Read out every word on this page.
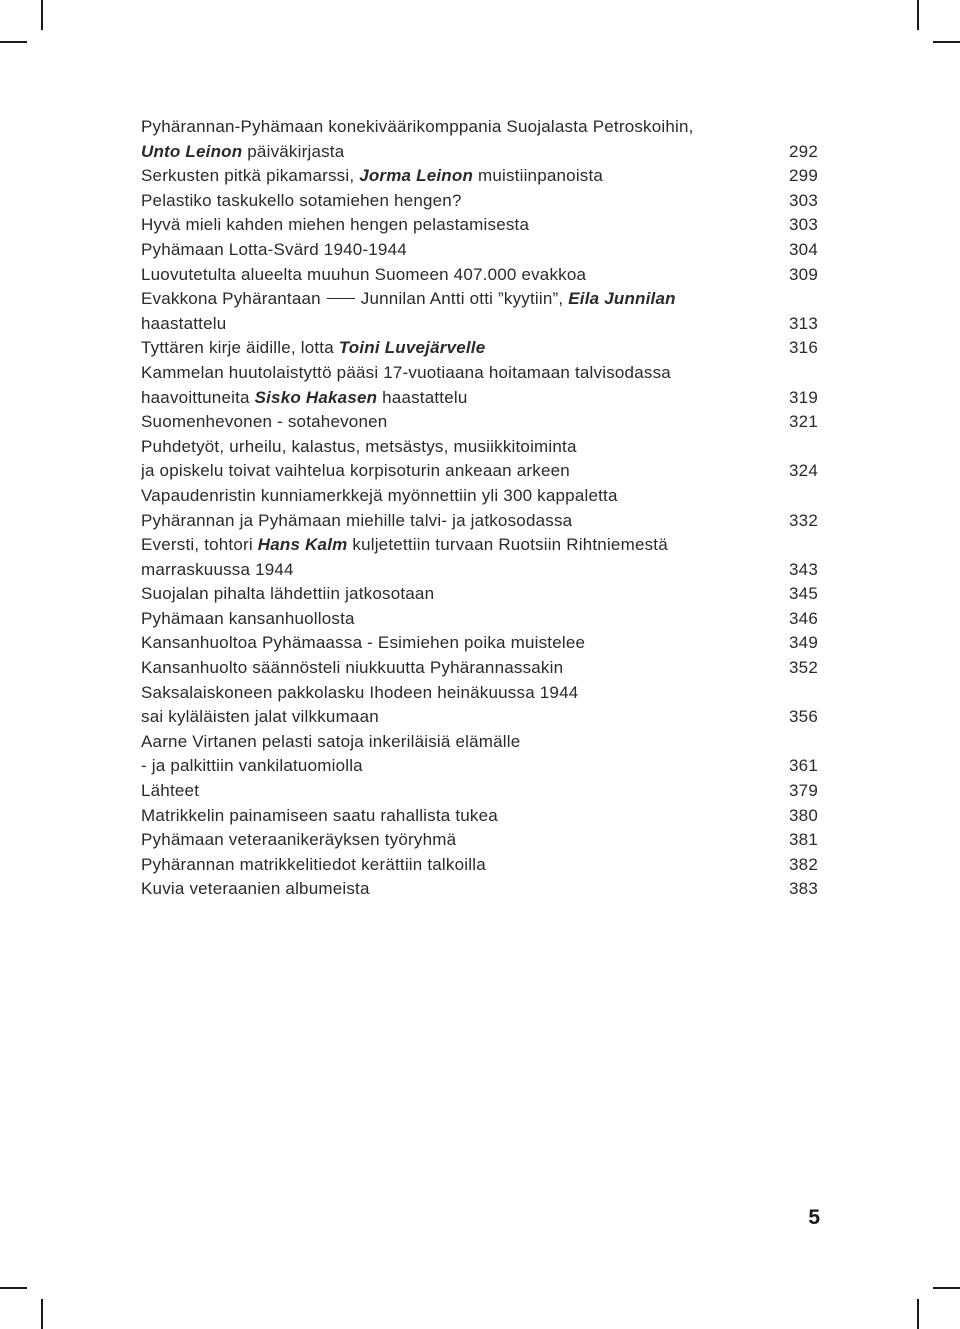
Pyhärannan-Pyhämaan konekiväärikomppania Suojalasta Petroskoihin,
Unto Leinon päiväkirjasta	292
Serkusten pitkä pikamarssi, Jorma Leinon muistiinpanoista	299
Pelastiko taskukello sotamiehen hengen?	303
Hyvä mieli kahden miehen hengen pelastamisesta	303
Pyhämaan Lotta-Svärd 1940-1944	304
Luovutetulta alueelta muuhun Suomeen 407.000 evakkoa	309
Evakkona Pyhärantaan Junnilan Antti otti ”kyytiin”, Eila Junnilan
haastattelu	313
Tyttären kirje äidille, lotta Toini Luvejärvelle	316
Kammelan huutolaistyttö pääsi 17-vuotiaana hoitamaan talvisodassa
haavoittuneita Sisko Hakasen haastattelu	319
Suomenhevonen - sotahevonen	321
Puhdetyöt, urheilu, kalastus, metsästys, musiikkitoiminta
ja opiskelu toivat vaihtelua korpisoturin ankeaan arkeen	324
Vapaudenristin kunniamerkkejä myönnettiin yli 300 kappaletta
Pyhärannan ja Pyhämaan miehille talvi- ja jatkosodassa	332
Eversti, tohtori Hans Kalm kuljetettiin turvaan Ruotsiin Rihtniemestä
marraskuussa 1944	343
Suojalan pihalta lähdettiin jatkosotaan	345
Pyhämaan kansanhuollosta	346
Kansanhuoltoa Pyhämaassa - Esimiehen poika muistelee	349
Kansanhuolto säännösteli niukkuutta Pyhärannassakin	352
Saksalaiskoneen pakkolasku Ihodeen heinäkuussa 1944
sai kyläläisten jalat vilkkumaan	356
Aarne Virtanen pelasti satoja inkeriläisiä elämälle
- ja palkittiin vankilatuomiolla	361
Lähteet	379
Matrikkelin painamiseen saatu rahallista tukea	380
Pyhämaan veteraanikeräyksen työryhmä	381
Pyhärannan matrikkelitiedot kerättiin talkoilla	382
Kuvia veteraanien albumeista	383
5
